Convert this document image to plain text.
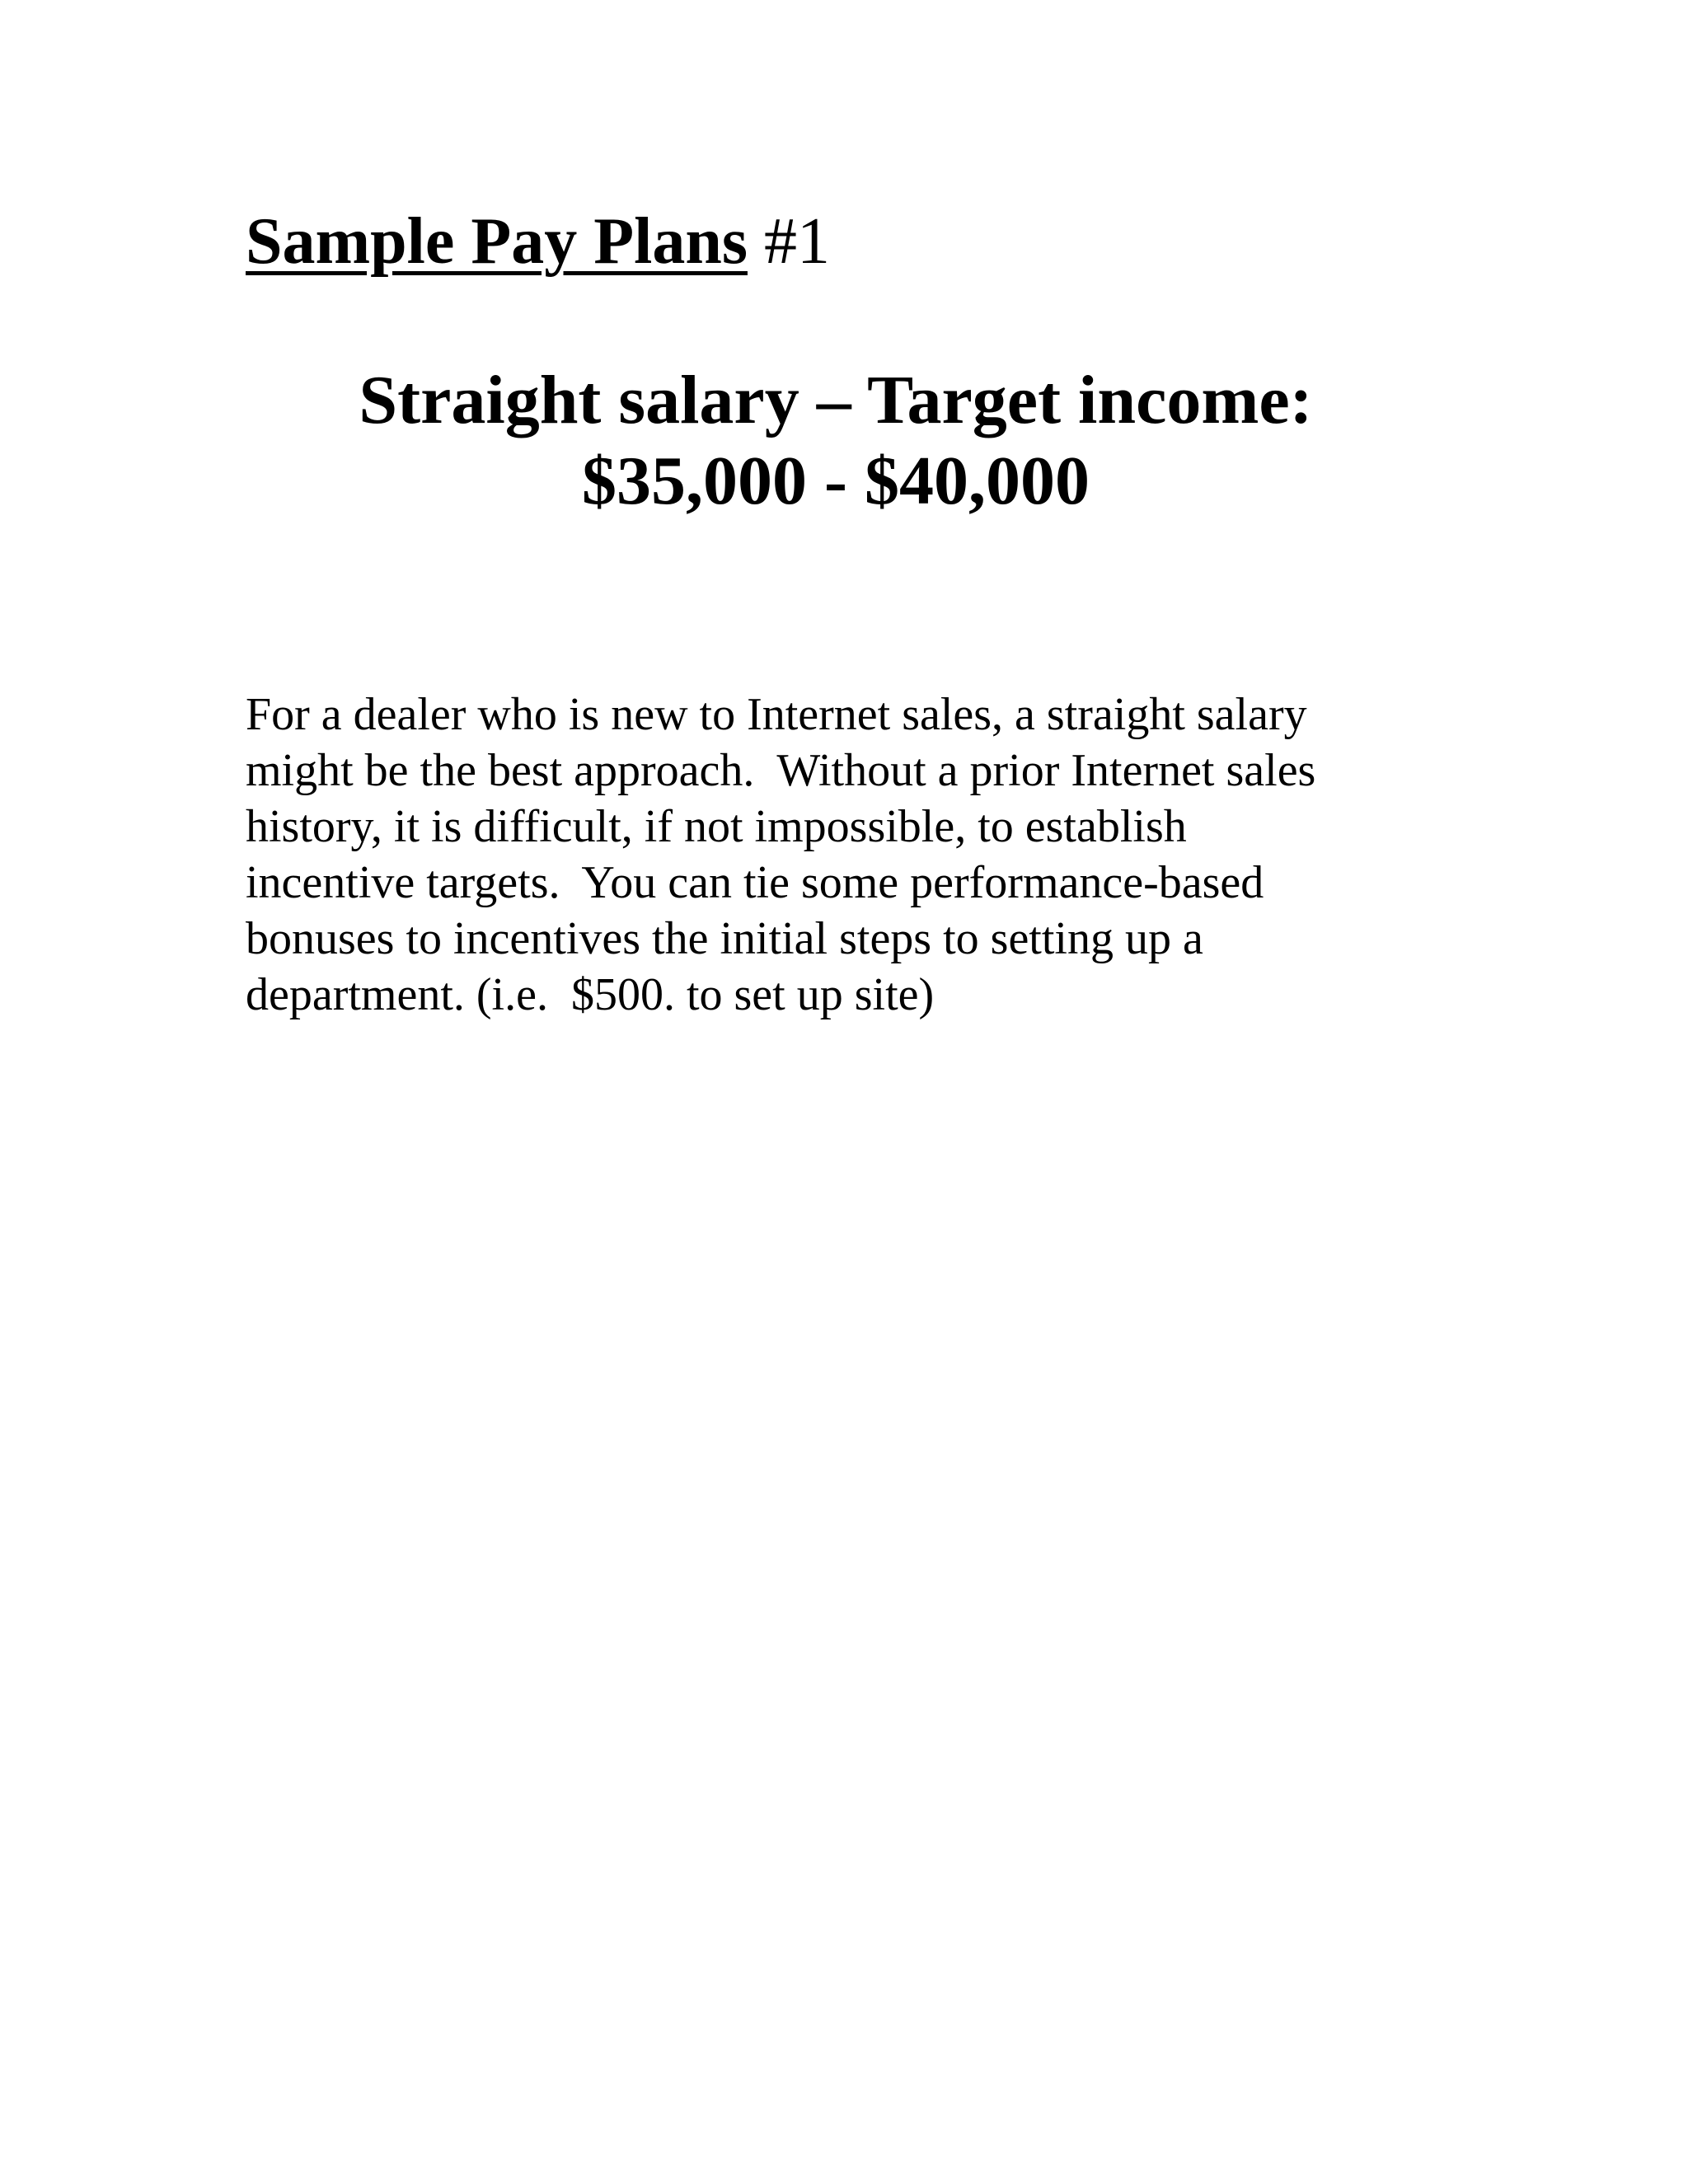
Sample Pay Plans #1
Straight salary – Target income:
$35,000 - $40,000
For a dealer who is new to Internet sales, a straight salary
might be the best approach.  Without a prior Internet sales
history, it is difficult, if not impossible, to establish
incentive targets.  You can tie some performance-based
bonuses to incentives the initial steps to setting up a
department. (i.e.  $500. to set up site)
